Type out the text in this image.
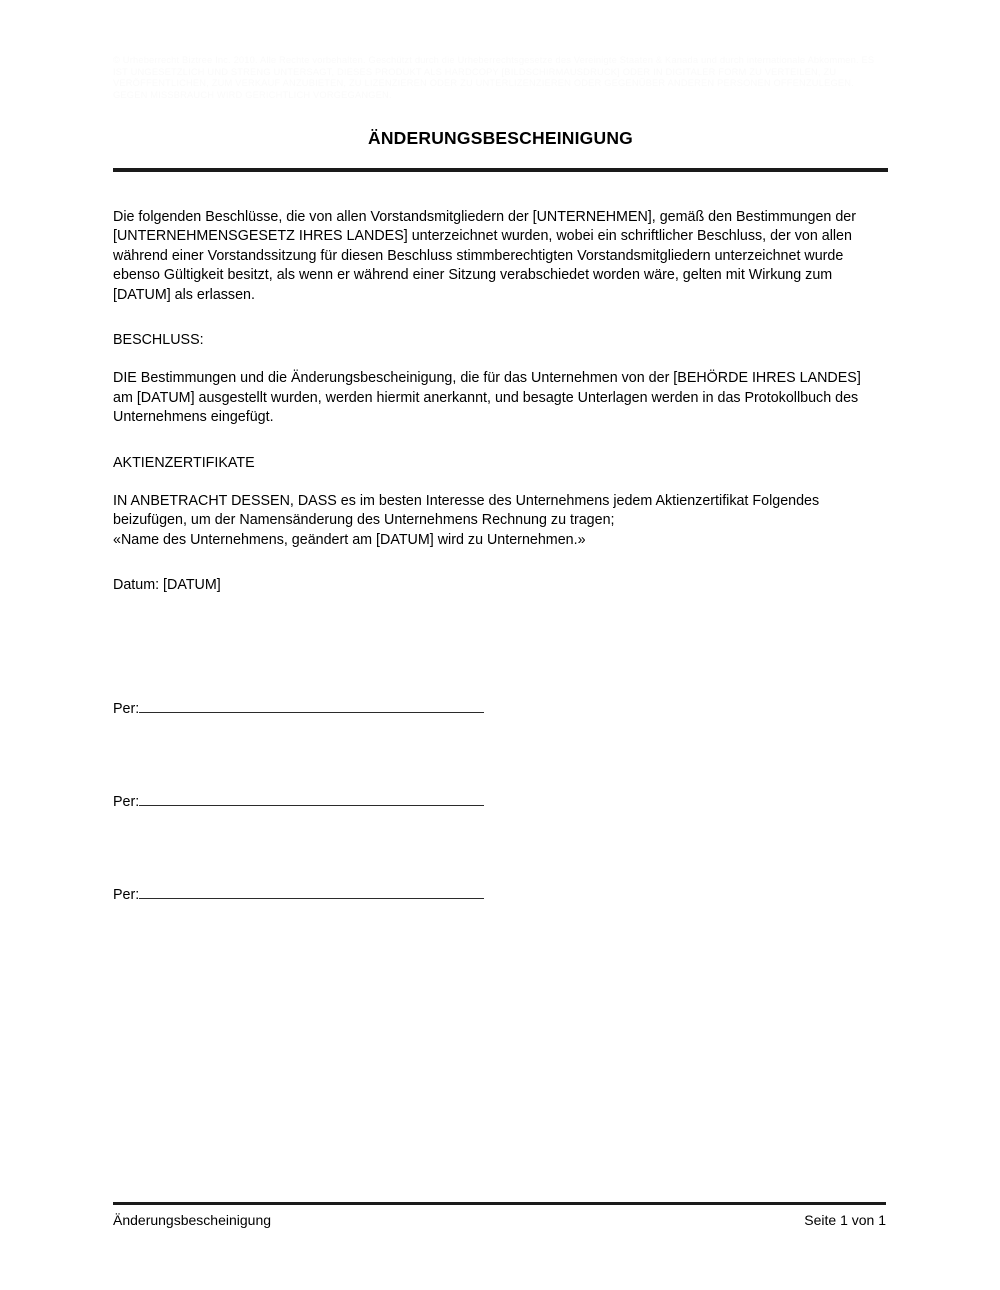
© Urheberrecht Biztree Inc. 2010. Alle Rechte vorbehalten. Geschützt durch die Urheberrechtsgesetze des Vereinigte Staaten & Kanada und durch internationale Abkommen. ES IST UNGESETZLICH UND STRENG UNTERSAGT, DIESES PRODUKT ALS HARDCOPY [BILDSCHIRMAUSDRUCK] ODER IN DIGITALER FORM ZU VERTEILEN, ZU VERÖFFENTLICHEN, ZUM VERKAUF ANZUBIETEN, ZU LIZENZIEREN ODER ZU UNTERLIZENZIEREN ODER GEGENÜBER ANDEREN PERSONEN OFFENZULEGEN. GEGEN MISSBRAUCH WIRD GERICHTLICH VORGEGANGEN.
ÄNDERUNGSBESCHEINIGUNG

Die folgenden Beschlüsse, die von allen Vorstandsmitgliedern der [UNTERNEHMEN], gemäß den Bestimmungen der [UNTERNEHMENSGESETZ IHRES LANDES] unterzeichnet wurden, wobei ein schriftlicher Beschluss, der von allen während einer Vorstandssitzung für diesen Beschluss stimmberechtigten Vorstandsmitgliedern unterzeichnet wurde ebenso Gültigkeit besitzt, als wenn er während einer Sitzung verabschiedet worden wäre, gelten mit Wirkung zum [DATUM] als erlassen.

BESCHLUSS:

DIE Bestimmungen und die Änderungsbescheinigung, die für das Unternehmen von der [BEHÖRDE IHRES LANDES] am [DATUM] ausgestellt wurden, werden hiermit anerkannt, und besagte Unterlagen werden in das Protokollbuch des Unternehmens eingefügt.

AKTIENZERTIFIKATE

IN ANBETRACHT DESSEN, DASS es im besten Interesse des Unternehmens jedem Aktienzertifikat Folgendes beizufügen, um der Namensänderung des Unternehmens Rechnung zu tragen;

«Name des Unternehmens, geändert am [DATUM] wird zu Unternehmen.»

Datum: [DATUM]

Per:
Per:
Per:
Änderungsbescheinigung	Seite 1 von 1
